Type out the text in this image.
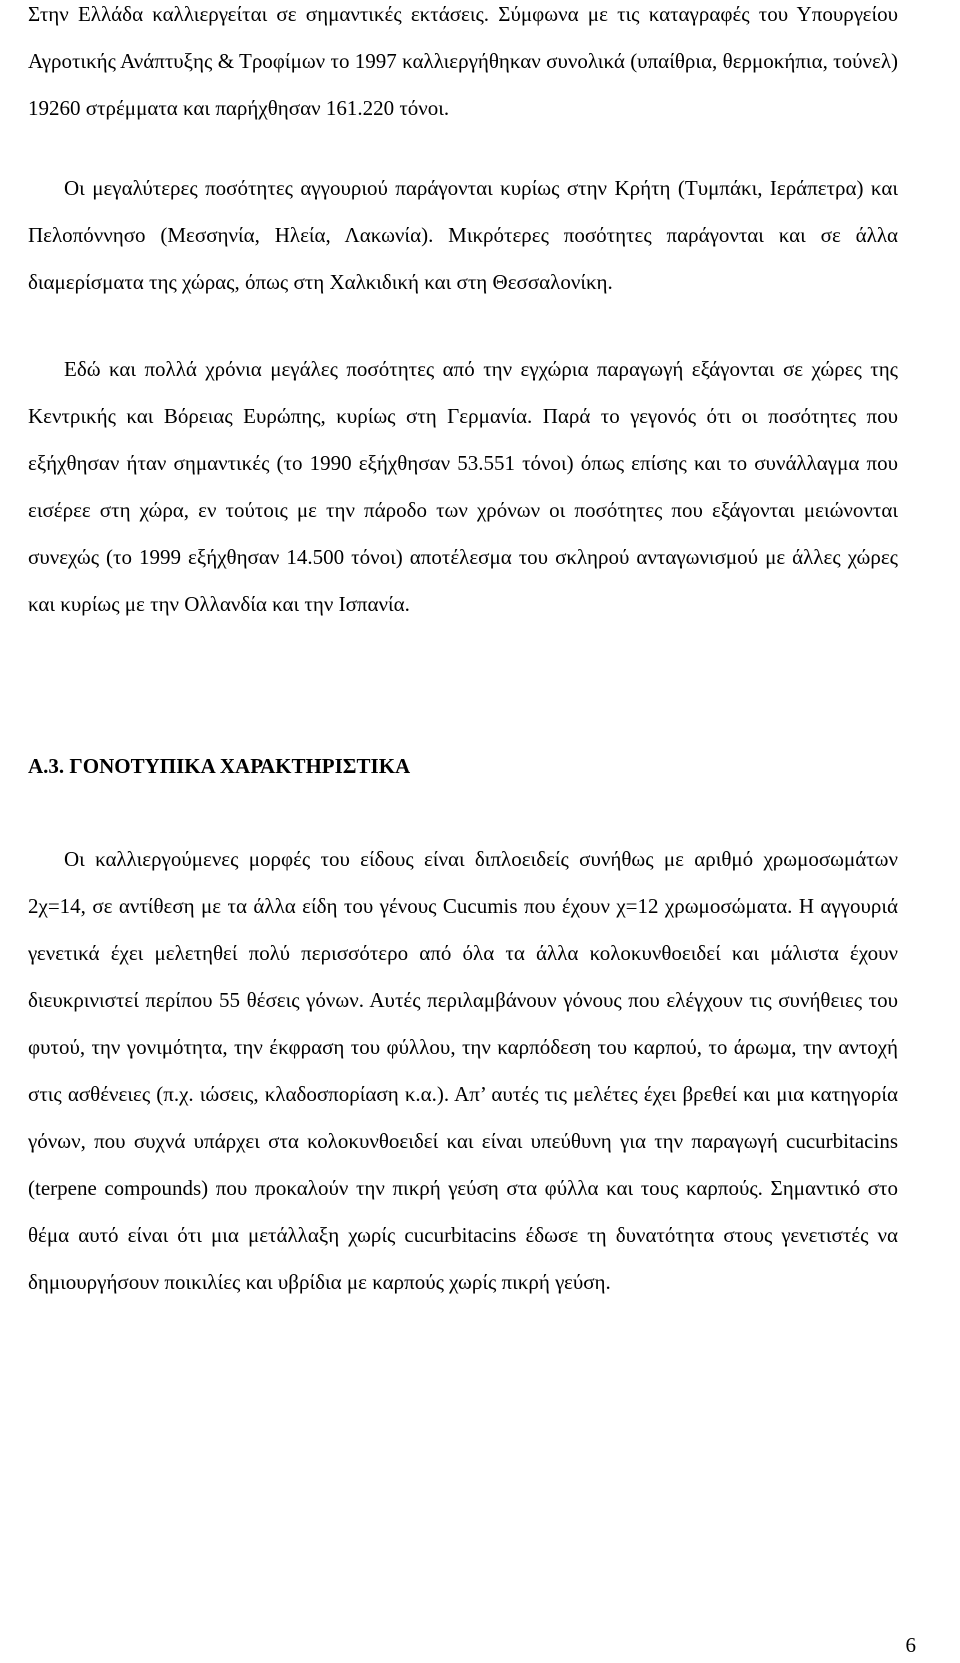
Στην Ελλάδα καλλιεργείται σε σημαντικές εκτάσεις. Σύμφωνα με τις καταγραφές του Υπουργείου Αγροτικής Ανάπτυξης & Τροφίμων το 1997 καλλιεργήθηκαν συνολικά (υπαίθρια, θερμοκήπια, τούνελ) 19260 στρέμματα και παρήχθησαν 161.220 τόνοι.

Οι μεγαλύτερες ποσότητες αγγουριού παράγονται κυρίως στην Κρήτη (Τυμπάκι, Ιεράπετρα) και Πελοπόννησο (Μεσσηνία, Ηλεία, Λακωνία). Μικρότερες ποσότητες παράγονται και σε άλλα διαμερίσματα της χώρας, όπως στη Χαλκιδική και στη Θεσσαλονίκη.

Εδώ και πολλά χρόνια μεγάλες ποσότητες από την εγχώρια παραγωγή εξάγονται σε χώρες της Κεντρικής και Βόρειας Ευρώπης, κυρίως στη Γερμανία. Παρά το γεγονός ότι οι ποσότητες που εξήχθησαν ήταν σημαντικές (το 1990 εξήχθησαν 53.551 τόνοι) όπως επίσης και το συνάλλαγμα που εισέρεε στη χώρα, εν τούτοις με την πάροδο των χρόνων οι ποσότητες που εξάγονται μειώνονται συνεχώς (το 1999 εξήχθησαν 14.500 τόνοι) αποτέλεσμα του σκληρού ανταγωνισμού με άλλες χώρες και κυρίως με την Ολλανδία και την Ισπανία.

Α.3. ΓΟΝΟΤΥΠΙΚΑ ΧΑΡΑΚΤΗΡΙΣΤΙΚΑ

Οι καλλιεργούμενες μορφές του είδους είναι διπλοειδείς συνήθως με αριθμό χρωμοσωμάτων 2χ=14, σε αντίθεση με τα άλλα είδη του γένους Cucumis που έχουν χ=12 χρωμοσώματα. Η αγγουριά γενετικά έχει μελετηθεί πολύ περισσότερο από όλα τα άλλα κολοκυνθοειδεί και μάλιστα έχουν διευκρινιστεί περίπου 55 θέσεις γόνων. Αυτές περιλαμβάνουν γόνους που ελέγχουν τις συνήθειες του φυτού, την γονιμότητα, την έκφραση του φύλλου, την καρπόδεση του καρπού, το άρωμα, την αντοχή στις ασθένειες (π.χ. ιώσεις, κλαδοσπορίαση κ.α.). Απ’ αυτές τις μελέτες έχει βρεθεί και μια κατηγορία γόνων, που συχνά υπάρχει στα κολοκυνθοειδεί και είναι υπεύθυνη για την παραγωγή cucurbitacins (terpene compounds) που προκαλούν την πικρή γεύση στα φύλλα και τους καρπούς. Σημαντικό στο θέμα αυτό είναι ότι μια μετάλλαξη χωρίς cucurbitacins έδωσε τη δυνατότητα στους γενετιστές να δημιουργήσουν ποικιλίες και υβρίδια με καρπούς χωρίς πικρή γεύση.

6
